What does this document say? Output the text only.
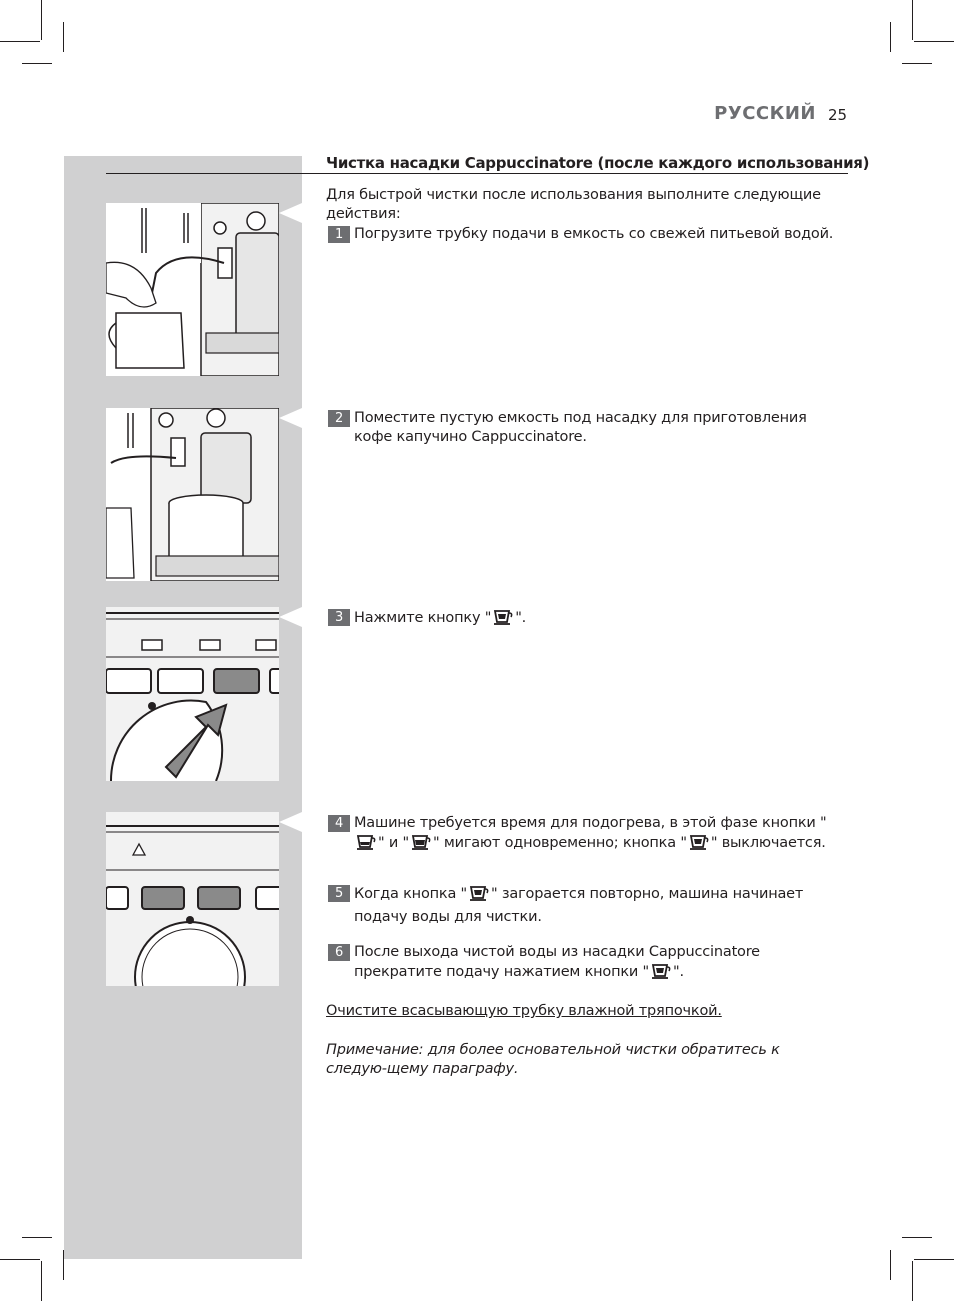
РУССКИЙ 25
Чистка насадки Cappuccinatore (после каждого использования)
Для быстрой чистки после использования выполните следующие действия:
1 Погрузите трубку подачи в емкость со свежей питьевой водой.
2 Поместите пустую емкость под насадку для приготовления кофе капучино Cappuccinatore.
3 Нажмите кнопку " ".
4 Машине требуется время для подогрева, в этой фазе кнопки "" и " " мигают одновременно; кнопка " " выключается.
5 Когда кнопка " " загорается повторно, машина начинает подачу воды для чистки.
6 После выхода чистой воды из насадки Cappuccinatore прекратите подачу нажатием кнопки " ".
Очистите всасывающую трубку влажной тряпочкой.
Примечание: для более основательной чистки обратитесь к следую-щему параграфу.
